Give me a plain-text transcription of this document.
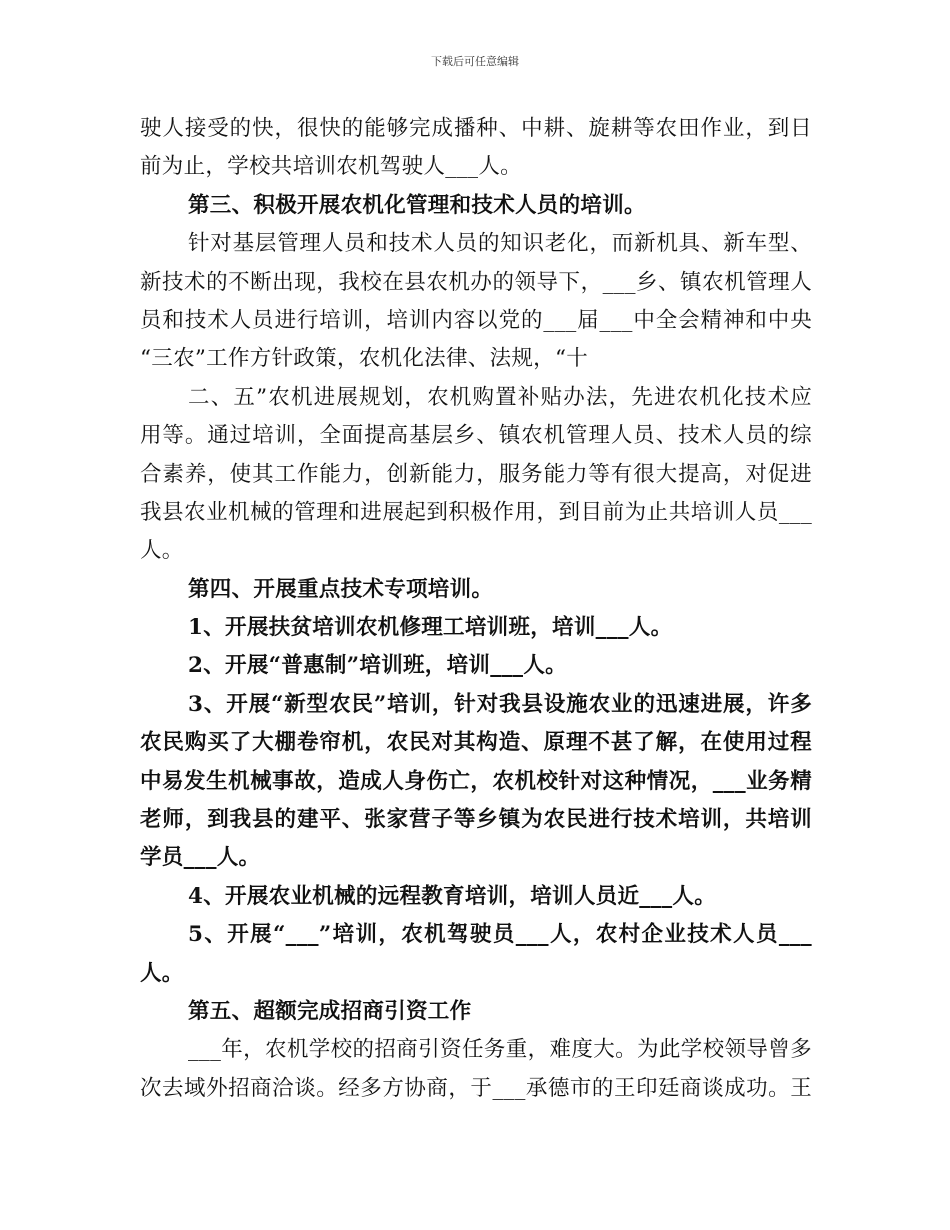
下载后可任意编辑
驶人接受的快，很快的能够完成播种、中耕、旋耕等农田作业，到日
前为止，学校共培训农机驾驶人___人。
第三、积极开展农机化管理和技术人员的培训。
针对基层管理人员和技术人员的知识老化，而新机具、新车型、
新技术的不断出现，我校在县农机办的领导下，___乡、镇农机管理人
员和技术人员进行培训，培训内容以党的___届___中全会精神和中央
“三农”工作方针政策，农机化法律、法规，“十
二、五”农机进展规划，农机购置补贴办法，先进农机化技术应
用等。通过培训，全面提高基层乡、镇农机管理人员、技术人员的综
合素养，使其工作能力，创新能力，服务能力等有很大提高，对促进
我县农业机械的管理和进展起到积极作用，到目前为止共培训人员___
人。
第四、开展重点技术专项培训。
1、开展扶贫培训农机修理工培训班，培训___人。
2、开展“普惠制”培训班，培训___人。
3、开展“新型农民”培训，针对我县设施农业的迅速进展，许多
农民购买了大棚卷帘机，农民对其构造、原理不甚了解，在使用过程
中易发生机械事故，造成人身伤亡，农机校针对这种情况，___业务精
老师，到我县的建平、张家营子等乡镇为农民进行技术培训，共培训
学员___人。
4、开展农业机械的远程教育培训，培训人员近___人。
5、开展“___”培训，农机驾驶员___人，农村企业技术人员___
人。
第五、超额完成招商引资工作
___年，农机学校的招商引资任务重，难度大。为此学校领导曾多
次去域外招商洽谈。经多方协商，于___承德市的王印廷商谈成功。王
